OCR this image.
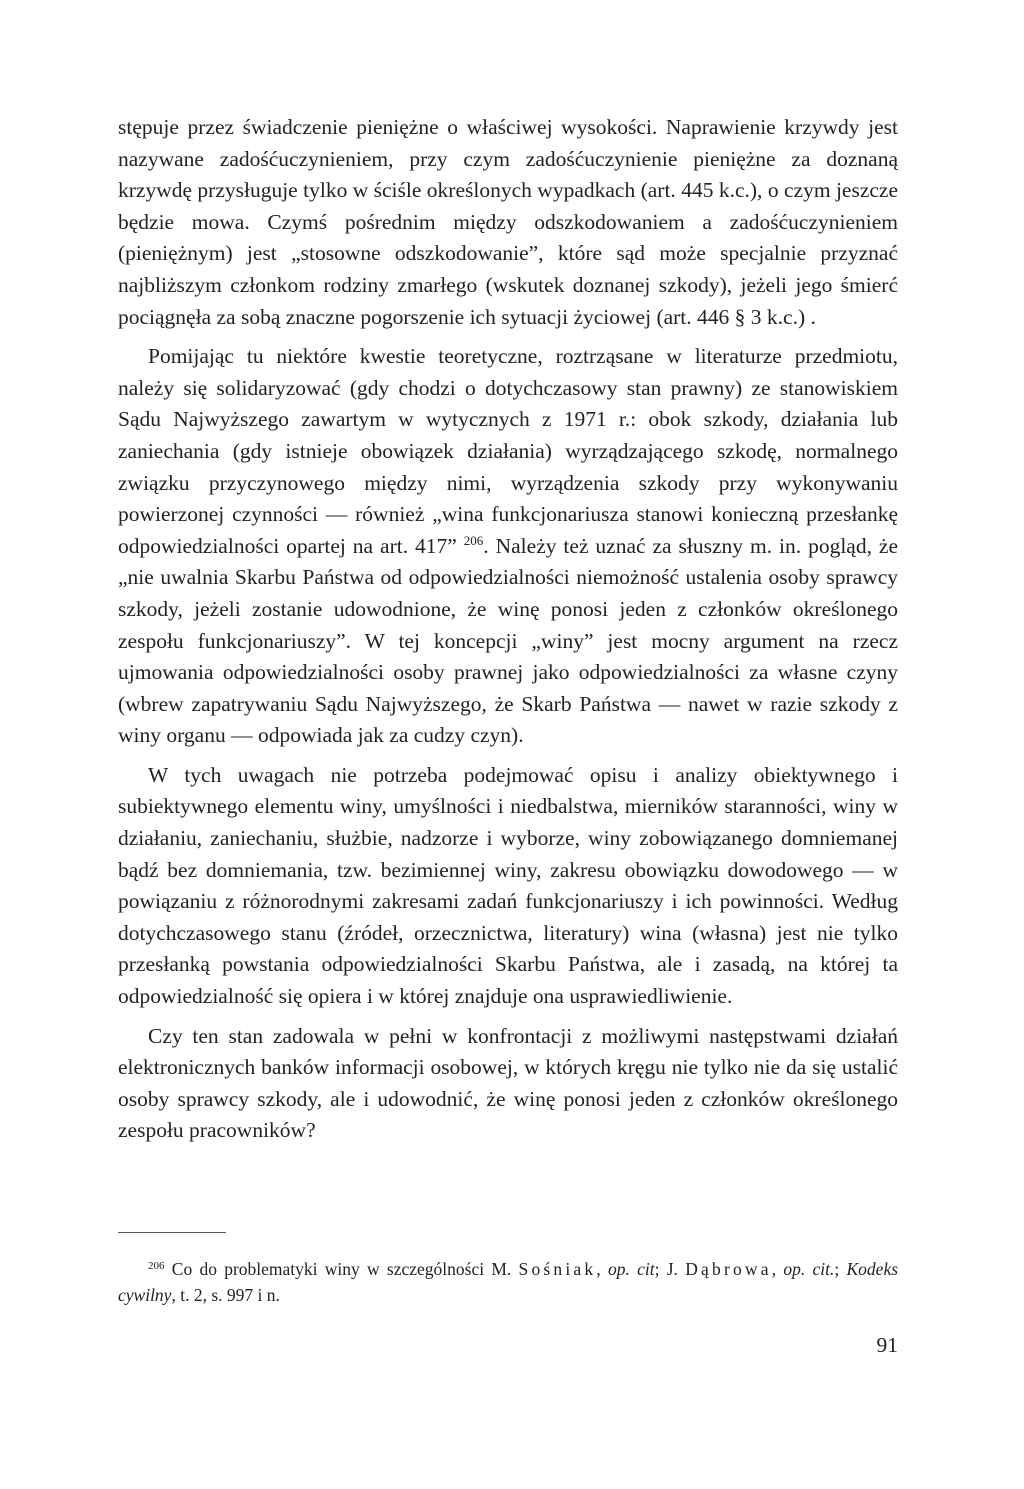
stępuje przez świadczenie pieniężne o właściwej wysokości. Naprawienie krzywdy jest nazywane zadośćuczynieniem, przy czym zadośćuczynienie pieniężne za doznaną krzywdę przysługuje tylko w ściśle określonych wypadkach (art. 445 k.c.), o czym jeszcze będzie mowa. Czymś pośrednim między odszkodowaniem a zadośćuczynieniem (pieniężnym) jest „stosowne odszkodowanie”, które sąd może specjalnie przyznać najbliższym członkom rodziny zmarłego (wskutek doznanej szkody), jeżeli jego śmierć pociągnęła za sobą znaczne pogorszenie ich sytuacji życiowej (art. 446 § 3 k.c.) .

Pomijając tu niektóre kwestie teoretyczne, roztrząsane w literaturze przedmiotu, należy się solidaryzować (gdy chodzi o dotychczasowy stan prawny) ze stanowiskiem Sądu Najwyższego zawartym w wytycznych z 1971 r.: obok szkody, działania lub zaniechania (gdy istnieje obowiązek działania) wyrządzającego szkodę, normalnego związku przyczynowego między nimi, wyrządzenia szkody przy wykonywaniu powierzonej czynności — również „wina funkcjonariusza stanowi konieczną przesłankę odpowiedzialności opartej na art. 417” $^{206}$. Należy też uznać za słuszny m. in. pogląd, że „nie uwalnia Skarbu Państwa od odpowiedzialności niemożność ustalenia osoby sprawcy szkody, jeżeli zostanie udowodnione, że winę ponosi jeden z członków określonego zespołu funkcjonariuszy”. W tej koncepcji „winy” jest mocny argument na rzecz ujmowania odpowiedzialności osoby prawnej jako odpowiedzialności za własne czyny (wbrew zapatrywaniu Sądu Najwyższego, że Skarb Państwa — nawet w razie szkody z winy organu — odpowiada jak za cudzy czyn).

W tych uwagach nie potrzeba podejmować opisu i analizy obiektywnego i subiektywnego elementu winy, umyślności i niedbalstwa, mierników staranności, winy w działaniu, zaniechaniu, służbie, nadzorze i wyborze, winy zobowiązanego domniemanej bądź bez domniemania, tzw. bezimiennej winy, zakresu obowiązku dowodowego — w powiązaniu z różnorodnymi zakresami zadań funkcjonariuszy i ich powinności. Według dotychczasowego stanu (źródeł, orzecznictwa, literatury) wina (własna) jest nie tylko przesłanką powstania odpowiedzialności Skarbu Państwa, ale i zasadą, na której ta odpowiedzialność się opiera i w której znajduje ona usprawiedliwienie.

Czy ten stan zadowala w pełni w konfrontacji z możliwymi następstwami działań elektronicznych banków informacji osobowej, w których kręgu nie tylko nie da się ustalić osoby sprawcy szkody, ale i udowodnić, że winę ponosi jeden z członków określonego zespołu pracowników?

$^{206}$ Co do problematyki winy w szczególności M. Sośniak, op. cit; J. Dąbrowa, op. cit.; Kodeks cywilny, t. 2, s. 997 i n.

91
